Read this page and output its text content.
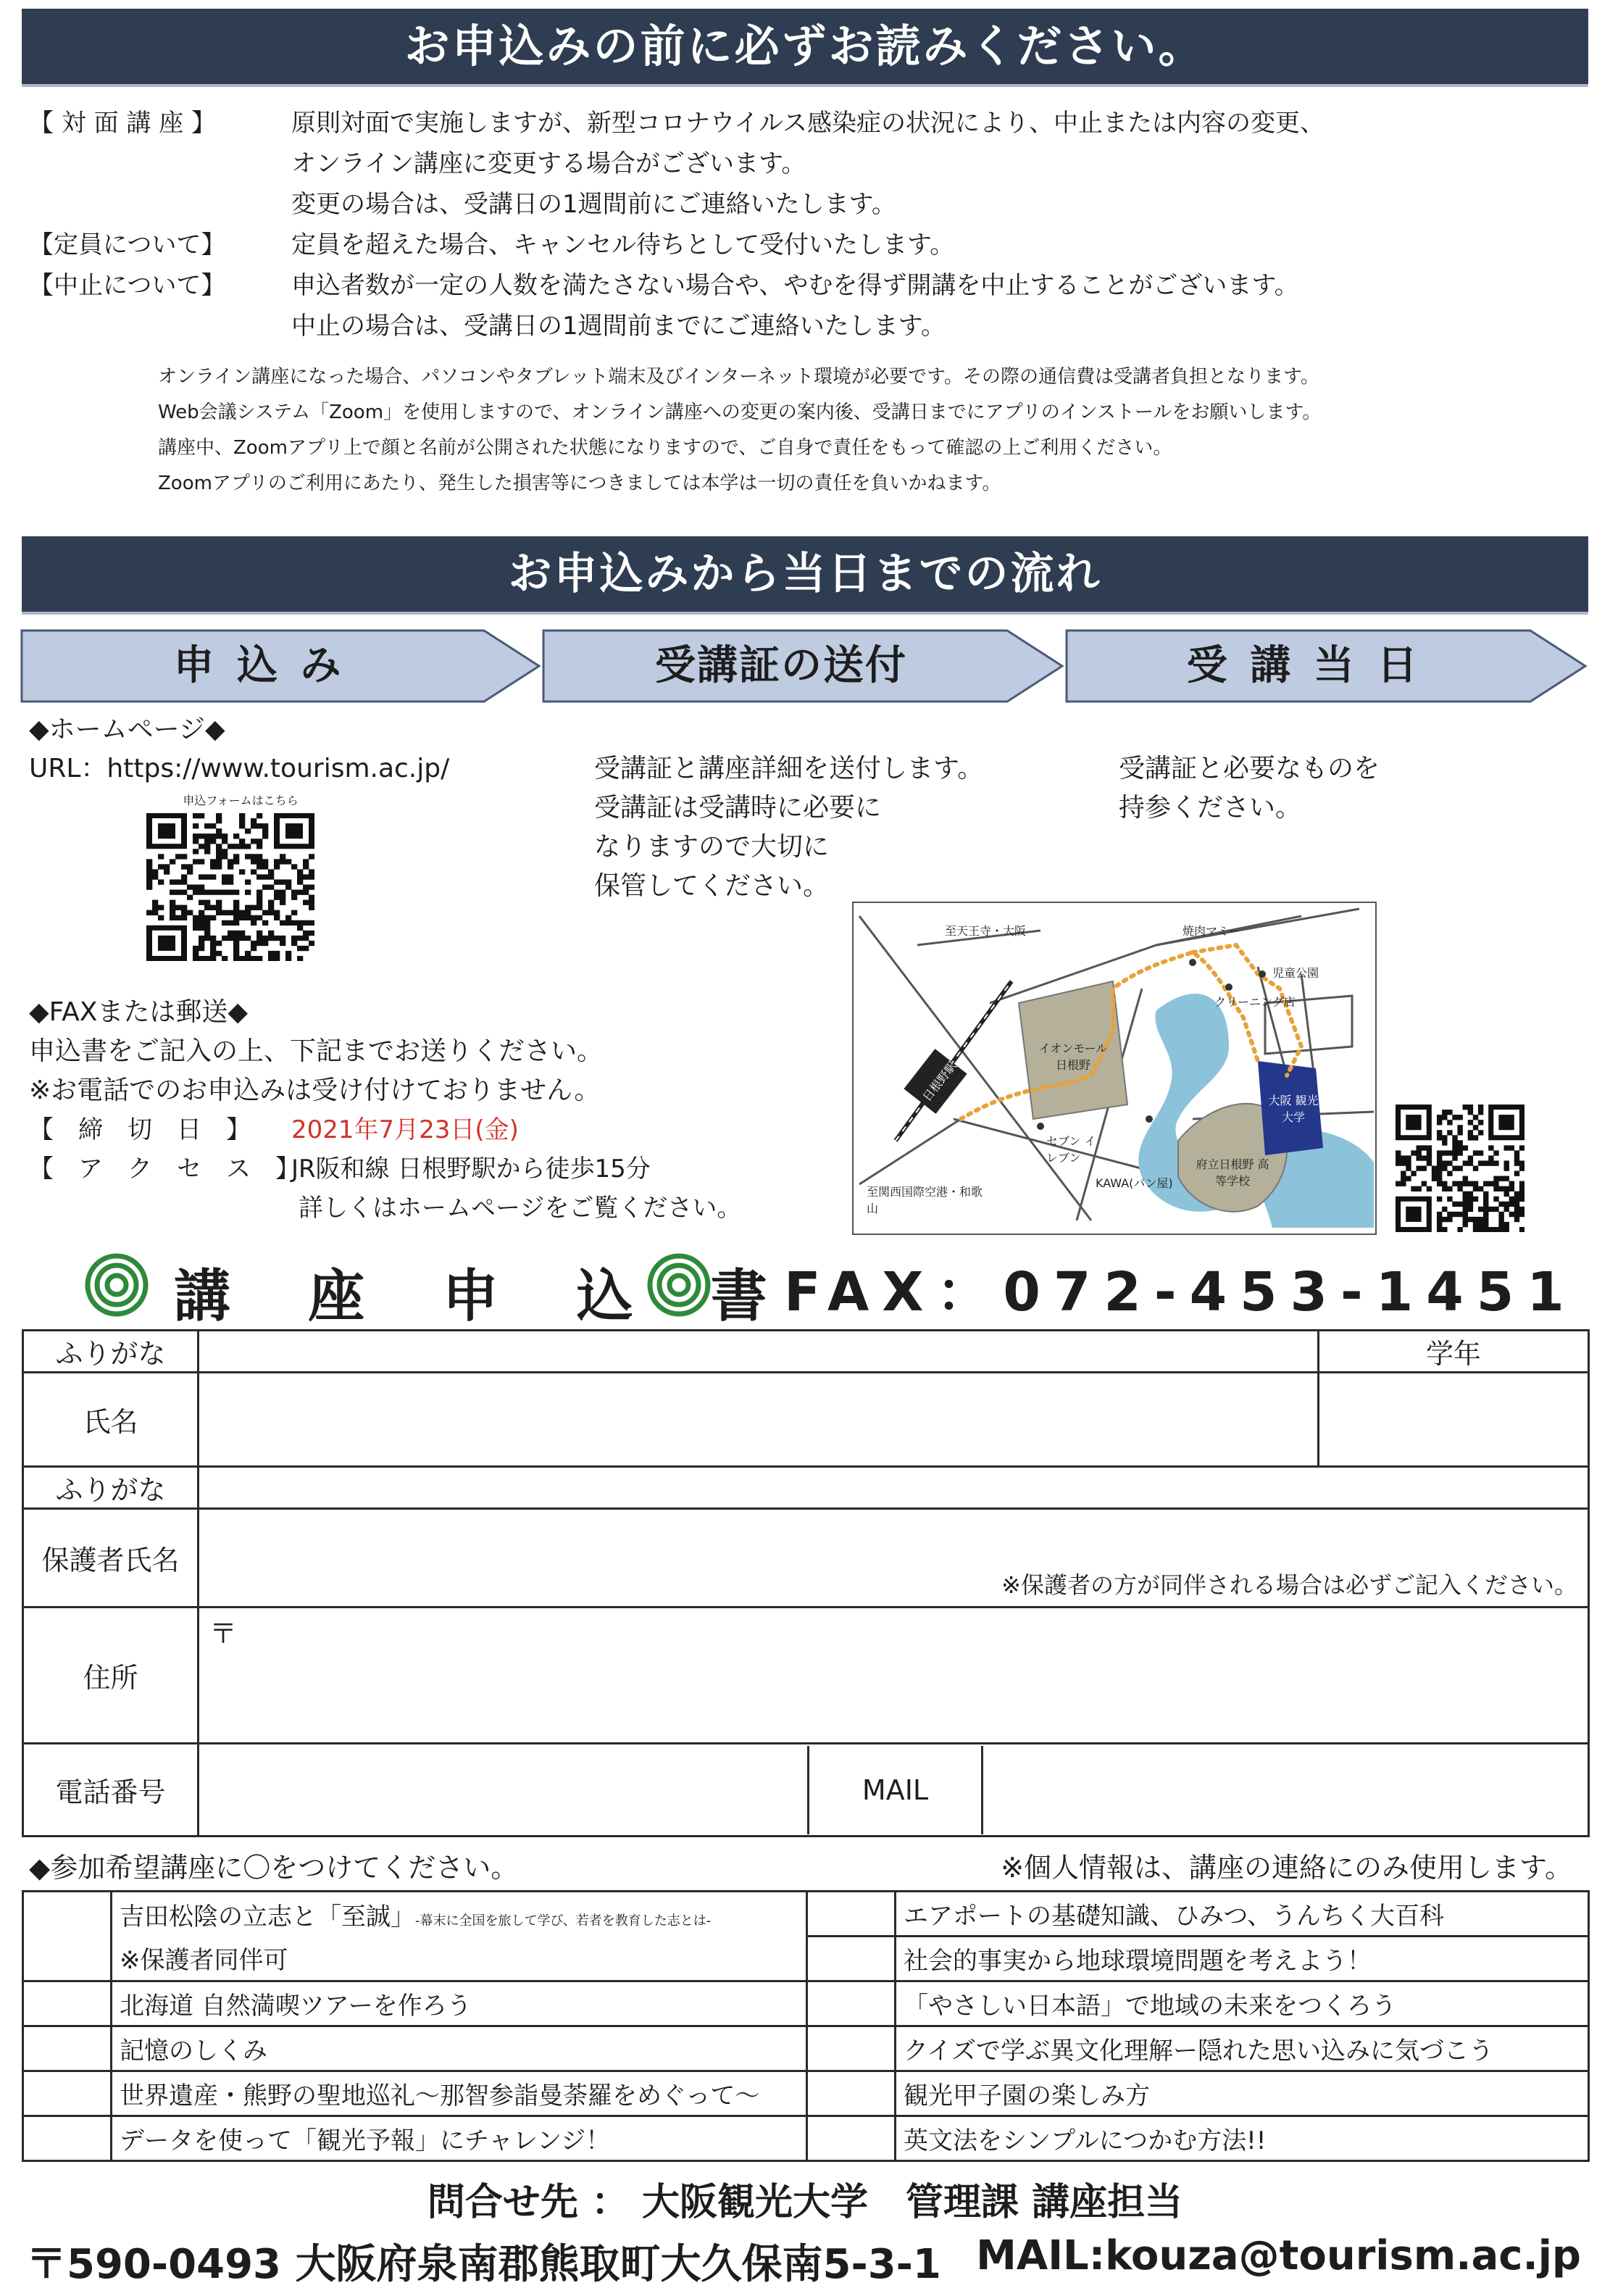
お申込みの前に必ずお読みください。
【 対 面 講 座 】	原則対面で実施しますが、新型コロナウイルス感染症の状況により、中止または内容の変更、
オンライン講座に変更する場合がございます。
変更の場合は、受講日の1週間前にご連絡いたします。
【定員について】	定員を超えた場合、キャンセル待ちとして受付いたします。
【中止について】	申込者数が一定の人数を満たさない場合や、やむを得ず開講を中止することがございます。
中止の場合は、受講日の1週間前までにご連絡いたします。
オンライン講座になった場合、パソコンやタブレット端末及びインターネット環境が必要です。その際の通信費は受講者負担となります。
Web会議システム「Zoom」を使用しますので、オンライン講座への変更の案内後、受講日までにアプリのインストールをお願いします。
講座中、Zoomアプリ上で顔と名前が公開された状態になりますので、ご自身で責任をもって確認の上ご利用ください。
Zoomアプリのご利用にあたり、発生した損害等につきましては本学は一切の責任を負いかねます。
お申込みから当日までの流れ
申 込 み	受講証の送付	受 講 当 日
◆ホームページ◆
URL：https://www.tourism.ac.jp/
申込フォームはこちら
◆FAXまたは郵送◆
申込書をご記入の上、下記までお送りください。
※お電話でのお申込みは受け付けておりません。
【　締　切　日　】 2021年7月23日(金)
【　ア　ク　セ　ス　】
JR阪和線 日根野駅から徒歩15分
詳しくはホームページをご覧ください。
受講証と講座詳細を送付します。
受講証は受講時に必要に
なりますので大切に
保管してください。
受講証と必要なものを
持参ください。
至天王寺・大阪
日根野駅
イオンモール 日根野
セブン イレブン
KAWA(パン屋)
焼肉マミー
クリーニング店
児童公園
大阪 観光大学
府立日根野 高等学校
至関西国際空港・和歌山
講 座 申 込 書
FAX：072-453-1451
ふりがな		学年
氏名		
ふりがな		
保護者氏名	※保護者の方が同伴される場合は必ずご記入ください。	
住所	〒	
電話番号	MAIL	
◆参加希望講座に〇をつけてください。	※個人情報は、講座の連絡にのみ使用します。
	吉田松陰の立志と「至誠」-幕末に全国を旅して学び、若者を教育した志とは-		エアポートの基礎知識、ひみつ、うんちく大百科
	※保護者同伴可		社会的事実から地球環境問題を考えよう！
	北海道 自然満喫ツアーを作ろう		「やさしい日本語」で地域の未来をつくろう
	記憶のしくみ		クイズで学ぶ異文化理解ー隠れた思い込みに気づこう
	世界遺産・熊野の聖地巡礼～那智参詣曼荼羅をめぐって～		観光甲子園の楽しみ方
	データを使って「観光予報」にチャレンジ！		英文法をシンプルにつかむ方法!!
問合せ先 ： 大阪観光大学　管理課 講座担当
〒590-0493 大阪府泉南郡熊取町大久保南5-3-1 MAIL:kouza@tourism.ac.jp
